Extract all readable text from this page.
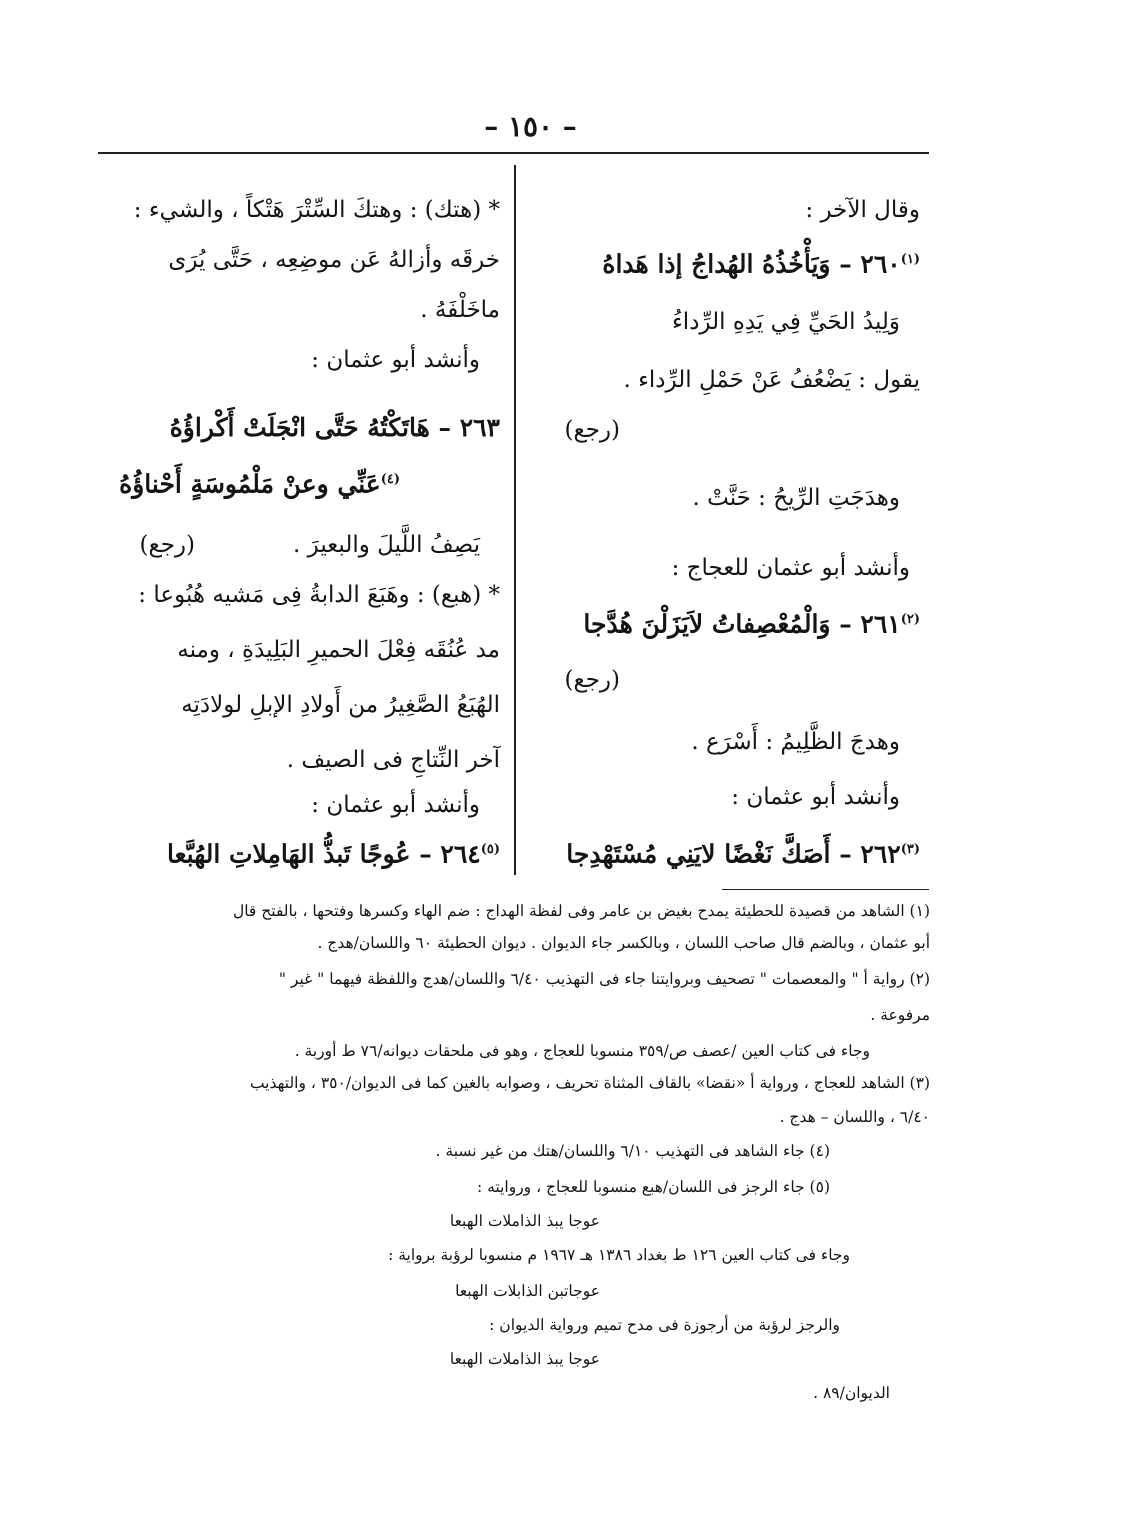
– ١٥٠ –
وقال الآخر :
$^{(١)}$٢٦٠ – وَيَأْخُذُهُ الهُداجُ إذا هَداهُ
وَلِيدُ الحَيِّ فِي يَدِهِ الرِّداءُ
يقول : يَضْعُفُ عَنْ حَمْلِ الرِّداء .
(رجع)
وهدَجَتِ الرِّيحُ : حَنَّتْ .
وأنشد أبو عثمان للعجاج :
$^{(٢)}$٢٦١ – وَالْمُعْصِفاتُ لاَيَزَلْنَ هُدَّجا
(رجع)
وهدجَ الظَّلِيمُ : أَسْرَع .
وأنشد أبو عثمان :
$^{(٣)}$٢٦٢ – أَصَكَّ نَغْضًا لايَنِي مُسْتَهْدِجا
* (هتك) : وهتكَ السِّتْرَ هَتْكاً ، والشيء :
خرقَه وأزالهُ عَن موضِعِه ، حَتَّى يُرَى
ماخَلْفَهُ .
وأنشد أبو عثمان :
٢٦٣ – هَاتَكْتُهُ حَتَّى انْجَلَتْ أَكْراؤُهُ
$^{(٤)}$عَنِّي وعنْ مَلْمُوسَةٍ أَحْناؤُهُ
يَصِفُ اللَّيلَ والبعيرَ .
(رجع)
* (هبع) : وهَبَعَ الدابةُ فِى مَشيه هُبُوعا :
مد عُنُقَه فِعْلَ الحميرِ البَلِيدَةِ ، ومنه
الهُبَعُ الصَّغِيرُ من أَولادِ الإبلِ لولادَتِه
آخر النِّتاجِ فى الصيف .
وأنشد أبو عثمان :
$^{(٥)}$٢٦٤ – عُوجًا تَبذُّ الهَامِلاتِ الهُبَّعا
(١) الشاهد من قصيدة للحطيئة يمدح بغيض بن عامر وفى لفظة الهداج : ضم الهاء وكسرها وفتحها ، بالفتح قال
أبو عثمان ، وبالضم قال صاحب اللسان ، وبالكسر جاء الديوان . ديوان الحطيئة ٦٠ واللسان/هدج .
(٢) رواية أ " والمعصمات " تصحيف وبروايتنا جاء فى التهذيب ٦/٤٠ واللسان/هدج واللفظة فيهما " غير "
مرفوعة .
وجاء فى كتاب العين /عصف ص/٣٥٩ منسوبا للعجاج ، وهو فى ملحقات ديوانه/٧٦ ط أوربة .
(٣) الشاهد للعجاج ، ورواية أ «نقضا» بالقاف المثناة تحريف ، وصوابه بالغين كما فى الديوان/٣٥٠ ، والتهذيب
٦/٤٠ ، واللسان – هدج .
(٤) جاء الشاهد فى التهذيب ٦/١٠ واللسان/هتك من غير نسبة .
(٥) جاء الرجز فى اللسان/هبع منسوبا للعجاج ، وروايته :
عوجا يبذ الذاملات الهبعا
وجاء فى كتاب العين ١٢٦ ط بغداد ١٣٨٦ هـ ١٩٦٧ م منسوبا لرؤبة برواية :
عوجاتبن الذابلات الهبعا
والرجز لرؤبة من أرجوزة فى مدح تميم ورواية الديوان :
عوجا يبذ الذاملات الهبعا
الديوان/٨٩ .
